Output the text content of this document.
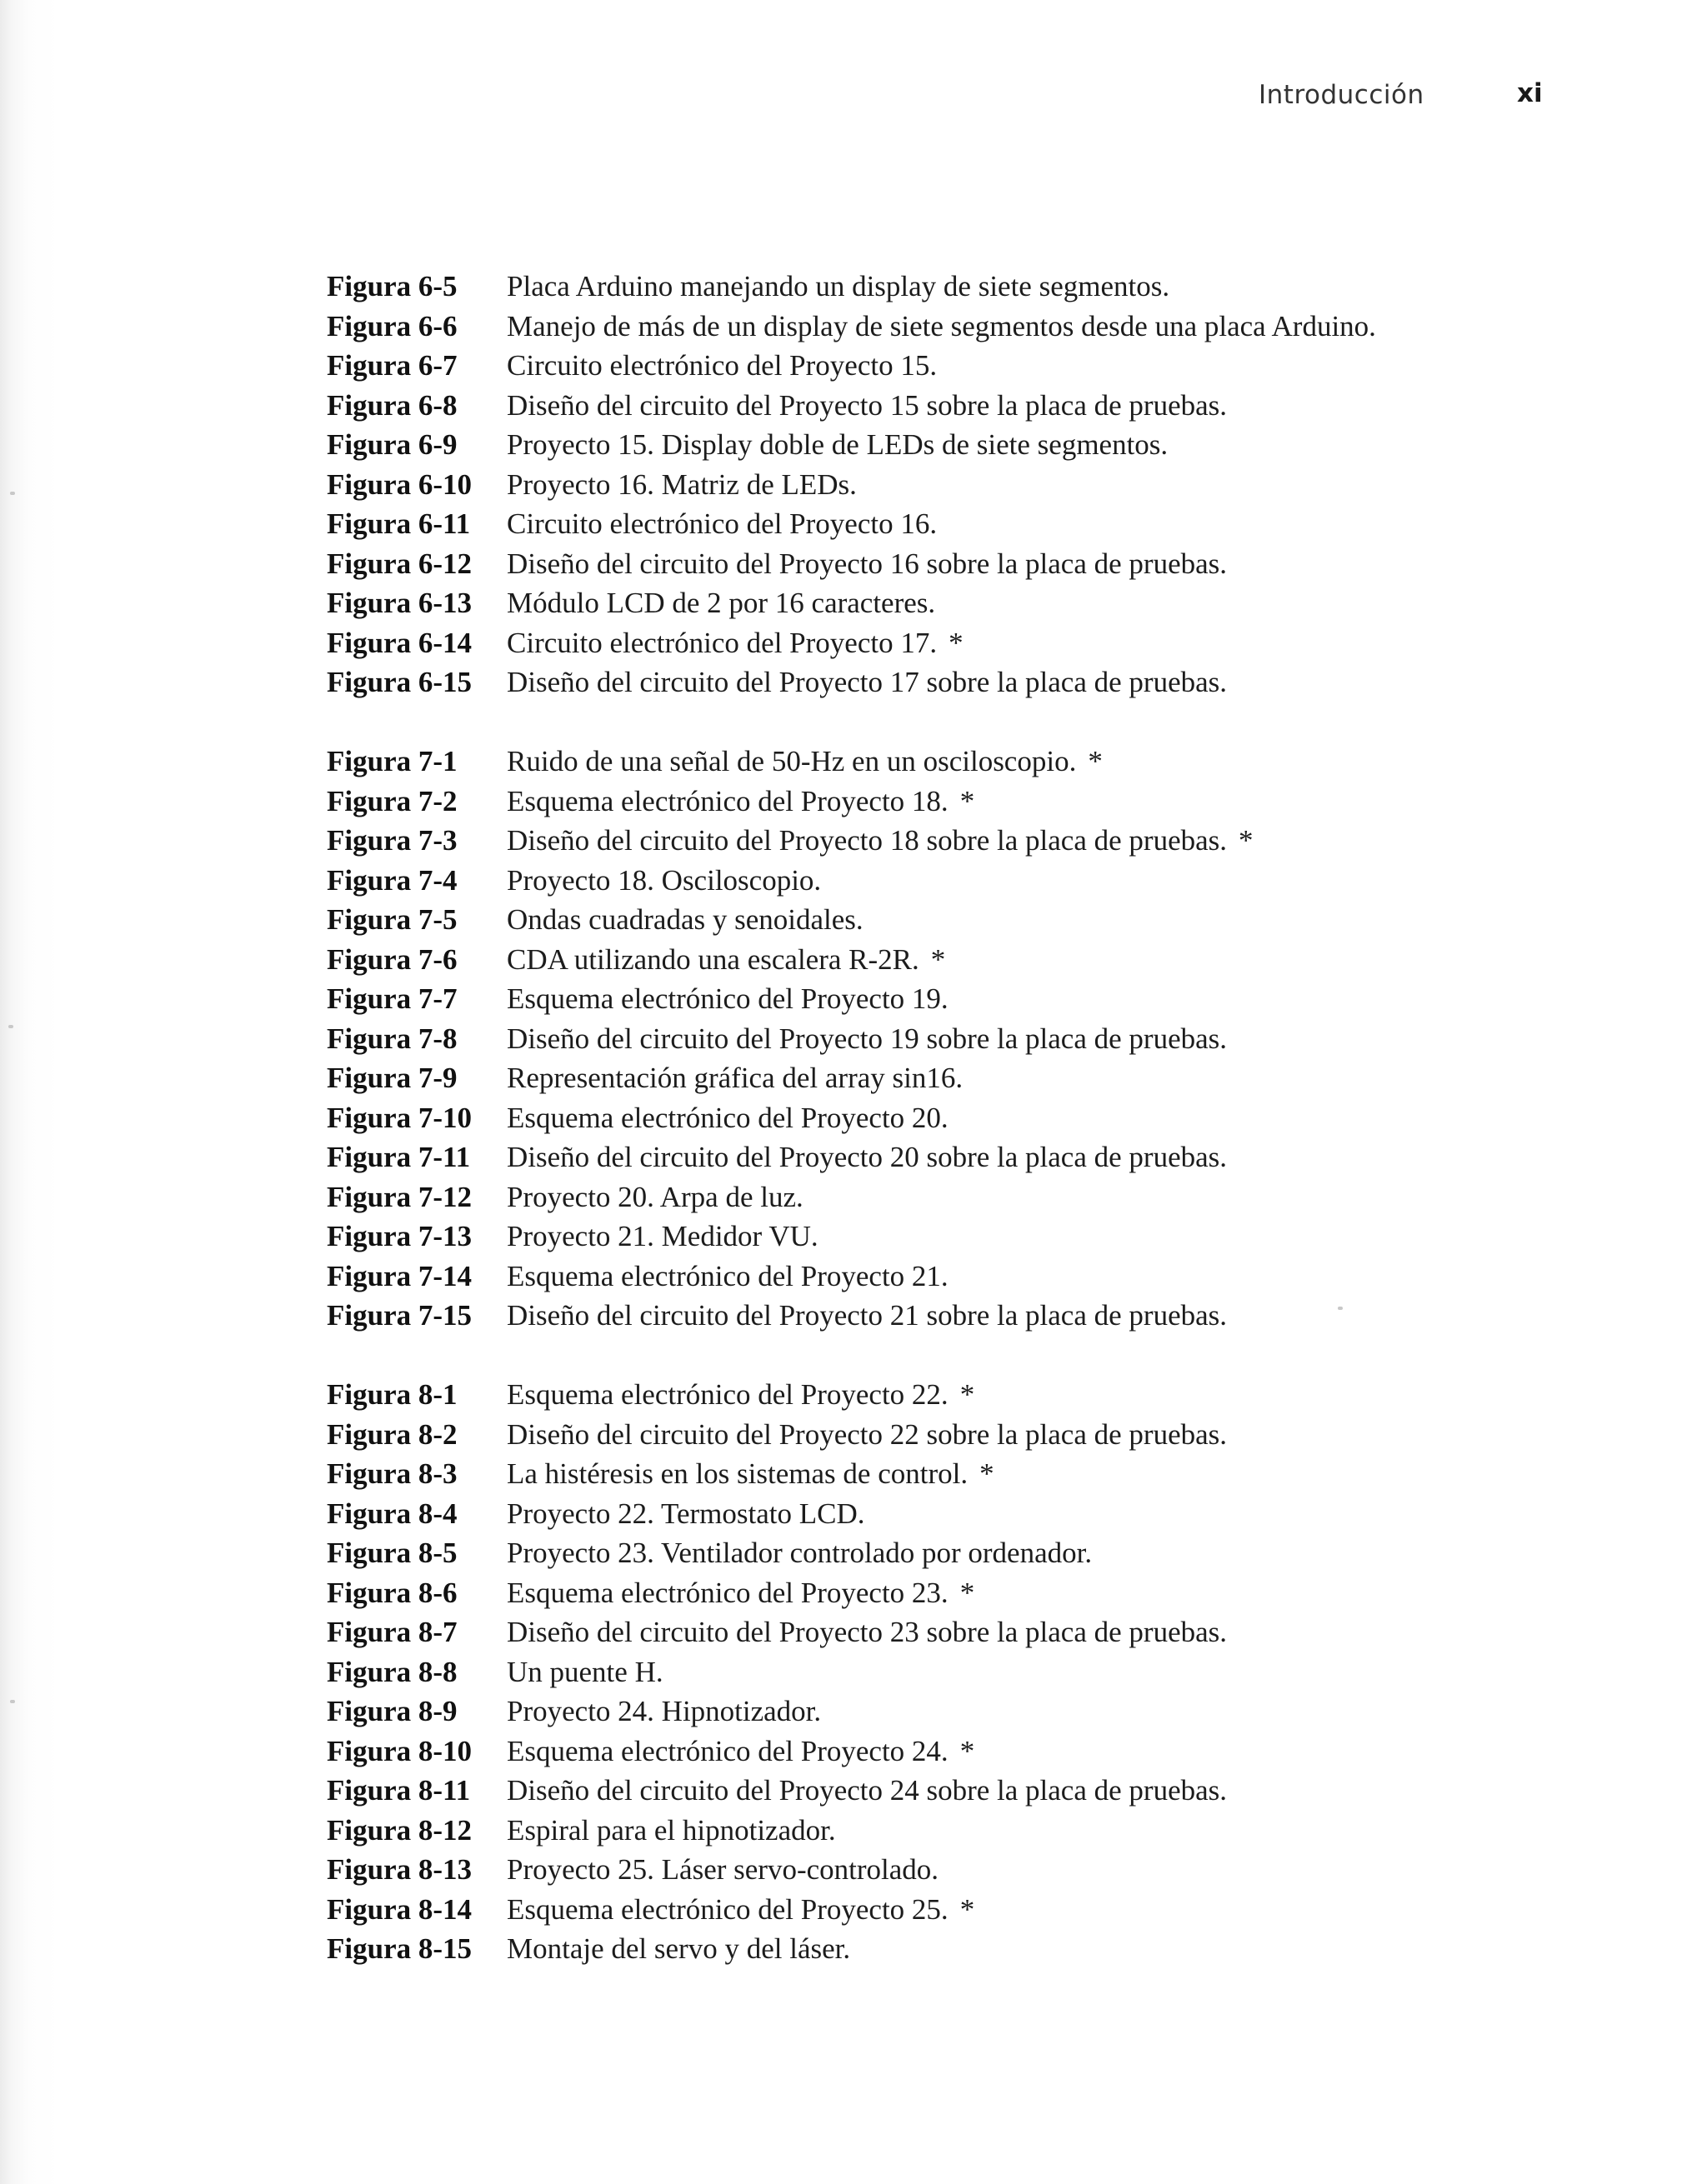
Introducción	xi
Figura 6-5 Placa Arduino manejando un display de siete segmentos.
Figura 6-6 Manejo de más de un display de siete segmentos desde una placa Arduino.
Figura 6-7 Circuito electrónico del Proyecto 15.
Figura 6-8 Diseño del circuito del Proyecto 15 sobre la placa de pruebas.
Figura 6-9 Proyecto 15. Display doble de LEDs de siete segmentos.
Figura 6-10 Proyecto 16. Matriz de LEDs.
Figura 6-11 Circuito electrónico del Proyecto 16.
Figura 6-12 Diseño del circuito del Proyecto 16 sobre la placa de pruebas.
Figura 6-13 Módulo LCD de 2 por 16 caracteres.
Figura 6-14 Circuito electrónico del Proyecto 17. *
Figura 6-15 Diseño del circuito del Proyecto 17 sobre la placa de pruebas.
Figura 7-1 Ruido de una señal de 50-Hz en un osciloscopio. *
Figura 7-2 Esquema electrónico del Proyecto 18. *
Figura 7-3 Diseño del circuito del Proyecto 18 sobre la placa de pruebas. *
Figura 7-4 Proyecto 18. Osciloscopio.
Figura 7-5 Ondas cuadradas y senoidales.
Figura 7-6 CDA utilizando una escalera R-2R. *
Figura 7-7 Esquema electrónico del Proyecto 19.
Figura 7-8 Diseño del circuito del Proyecto 19 sobre la placa de pruebas.
Figura 7-9 Representación gráfica del array sin16.
Figura 7-10 Esquema electrónico del Proyecto 20.
Figura 7-11 Diseño del circuito del Proyecto 20 sobre la placa de pruebas.
Figura 7-12 Proyecto 20. Arpa de luz.
Figura 7-13 Proyecto 21. Medidor VU.
Figura 7-14 Esquema electrónico del Proyecto 21.
Figura 7-15 Diseño del circuito del Proyecto 21 sobre la placa de pruebas.
Figura 8-1 Esquema electrónico del Proyecto 22. *
Figura 8-2 Diseño del circuito del Proyecto 22 sobre la placa de pruebas.
Figura 8-3 La histéresis en los sistemas de control. *
Figura 8-4 Proyecto 22. Termostato LCD.
Figura 8-5 Proyecto 23. Ventilador controlado por ordenador.
Figura 8-6 Esquema electrónico del Proyecto 23. *
Figura 8-7 Diseño del circuito del Proyecto 23 sobre la placa de pruebas.
Figura 8-8 Un puente H.
Figura 8-9 Proyecto 24. Hipnotizador.
Figura 8-10 Esquema electrónico del Proyecto 24. *
Figura 8-11 Diseño del circuito del Proyecto 24 sobre la placa de pruebas.
Figura 8-12 Espiral para el hipnotizador.
Figura 8-13 Proyecto 25. Láser servo-controlado.
Figura 8-14 Esquema electrónico del Proyecto 25. *
Figura 8-15 Montaje del servo y del láser.
